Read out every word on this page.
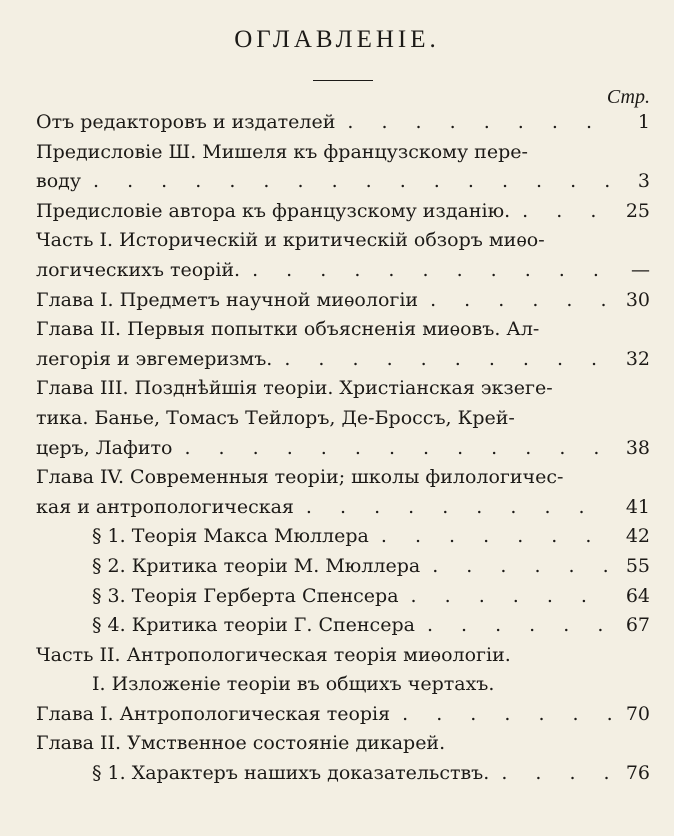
ОГЛАВЛЕНІЕ.
Стр.
Отъ редакторовъ и издателей . . .	1
Предисловіе Ш. Мишеля къ французскому пере-
воду . . .	3
Предисловіе автора къ французскому изданію. . . .	25
Часть I. Историческій и критическій обзоръ миѳо-
логическихъ теорій. . . .	—
Глава I. Предметъ научной миѳологіи . . .	30
Глава II. Первыя попытки объясненія миѳовъ. Ал-
легорія и эвгемеризмъ. . . .	32
Глава III. Позднѣйшія теоріи. Христіанская экзеге-
тика. Банье, Томасъ Тейлоръ, Де-Броссъ, Крей-
церъ, Лафито . . .	38
Глава IV. Современныя теоріи; школы филологичес-
кая и антропологическая . . .	41
§ 1. Теорія Макса Мюллера . . .	42
§ 2. Критика теоріи М. Мюллера . . .	55
§ 3. Теорія Герберта Спенсера . . .	64
§ 4. Критика теоріи Г. Спенсера . . .	67
Часть II. Антропологическая теорія миѳологіи.
I. Изложеніе теоріи въ общихъ чертахъ.
Глава I. Антропологическая теорія . . .	70
Глава II. Умственное состояніе дикарей.
§ 1. Характеръ нашихъ доказательствъ. . . .	76
